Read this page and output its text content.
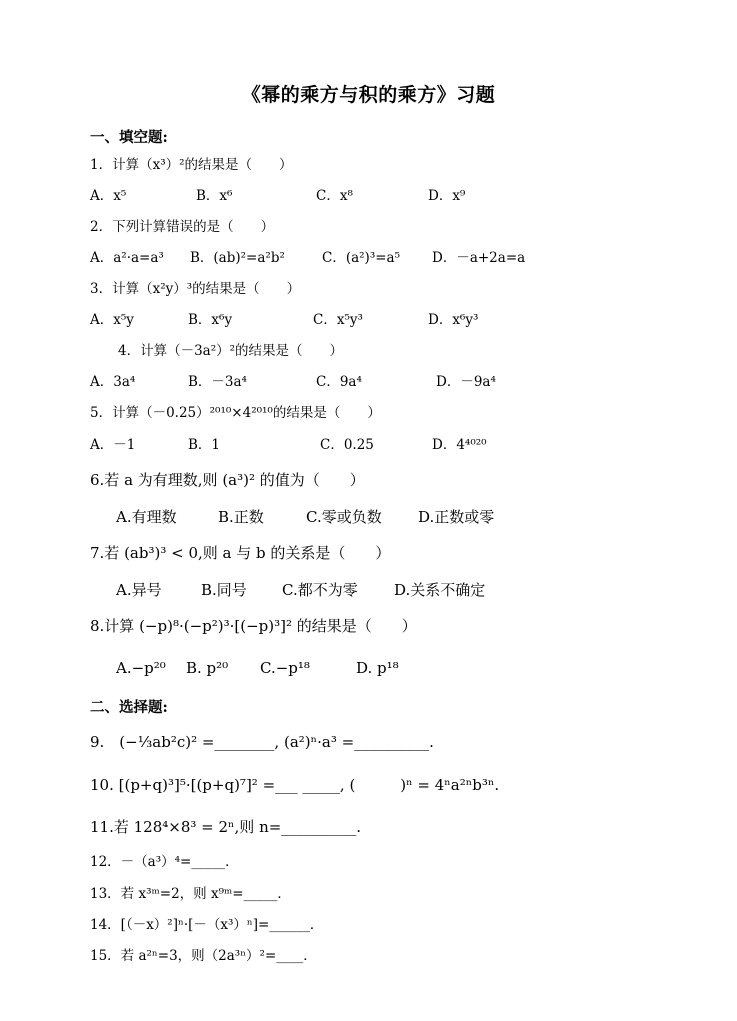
《幂的乘方与积的乘方》习题
一、填空题:
1．计算（x³）²的结果是（　　）
A．x⁵	B．x⁶	C．x⁸	D．x⁹
2．下列计算错误的是（　　）
A．a²·a=a³ B．(ab)²=a²b²	C．(a²)³=a⁵ D．－a+2a=a
3．计算（x²y）³的结果是（　　）
A．x⁵y	B．x⁶y	C．x⁵y³	D．x⁶y³
4．计算（－3a²）²的结果是（　　）
A．3a⁴	B．－3a⁴	C．9a⁴	D．－9a⁴
5．计算（－0.25）²⁰¹⁰×4²⁰¹⁰的结果是（　　）
A．－1	B．1	C．0.25	D．4⁴⁰²⁰
6.若 a 为有理数,则 (a³)² 的值为（　　）
A.有理数	B.正数	C.零或负数 D.正数或零
7.若 (ab³)³ < 0,则 a 与 b 的关系是（　　）
A.异号	B.同号 C.都不为零 D.关系不确定
8.计算 (−p)⁸·(−p²)³·[(−p)³]² 的结果是（　　）
A.−p²⁰ B. p²⁰ C.−p¹⁸	D. p¹⁸
二、选择题:
9.　(−⅓ab²c)² =________, (a²)ⁿ·a³ =__________.
10. [(p+q)³]⁵·[(p+q)⁷]² =___ _____, (　　　)ⁿ = 4ⁿa²ⁿb³ⁿ.
11.若 128⁴×8³ = 2ⁿ,则 n=__________.
12．－（a³）⁴=_____．
13．若 x³ᵐ=2，则 x⁹ᵐ=_____．
14．[（－x）²]ⁿ·[－（x³）ⁿ]=______．
15．若 a²ⁿ=3，则（2a³ⁿ）²=____．
